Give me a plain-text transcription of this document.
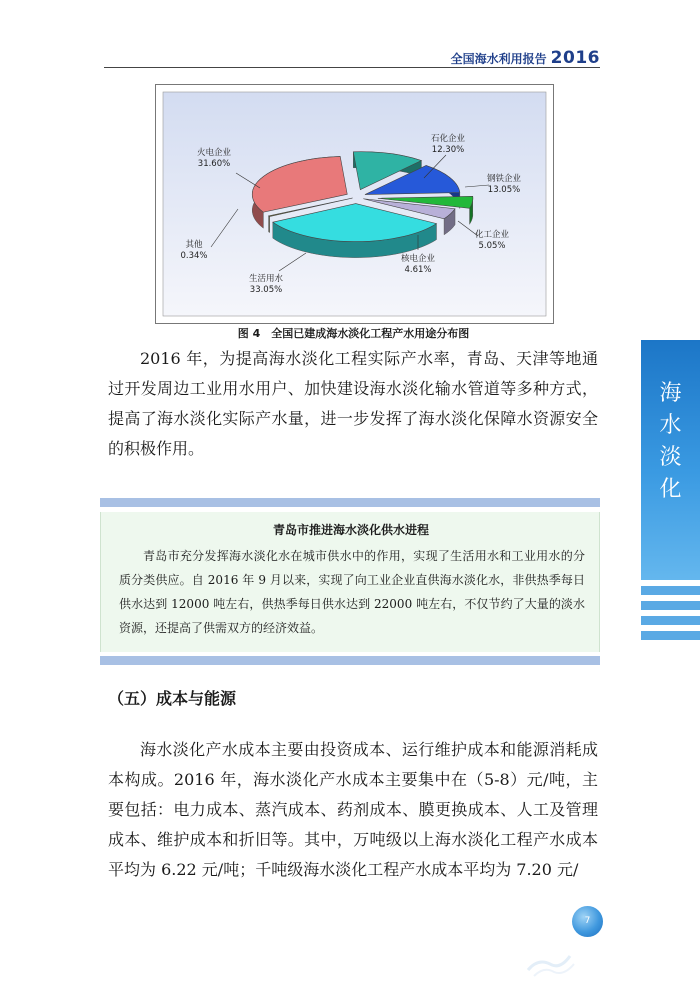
全国海水利用报告 2016
火电企业
31.60%
石化企业
12.30%
钢铁企业
13.05%
化工企业
5.05%
核电企业
4.61%
生活用水
33.05%
其他
0.34%
图 4　全国已建成海水淡化工程产水用途分布图

2016 年，为提高海水淡化工程实际产水率，青岛、天津等地通过开发周边工业用水用户、加快建设海水淡化输水管道等多种方式，提高了海水淡化实际产水量，进一步发挥了海水淡化保障水资源安全的积极作用。

海
水
淡
化
青岛市推进海水淡化供水进程

青岛市充分发挥海水淡化水在城市供水中的作用，实现了生活用水和工业用水的分质分类供应。自 2016 年 9 月以来，实现了向工业企业直供海水淡化水，非供热季每日供水达到 12000 吨左右，供热季每日供水达到 22000 吨左右，不仅节约了大量的淡水资源，还提高了供需双方的经济效益。

（五）成本与能源

海水淡化产水成本主要由投资成本、运行维护成本和能源消耗成本构成。2016 年，海水淡化产水成本主要集中在（5-8）元/吨，主要包括：电力成本、蒸汽成本、药剂成本、膜更换成本、人工及管理成本、维护成本和折旧等。其中，万吨级以上海水淡化工程产水成本平均为 6.22 元/吨；千吨级海水淡化工程产水成本平均为 7.20 元/

7
